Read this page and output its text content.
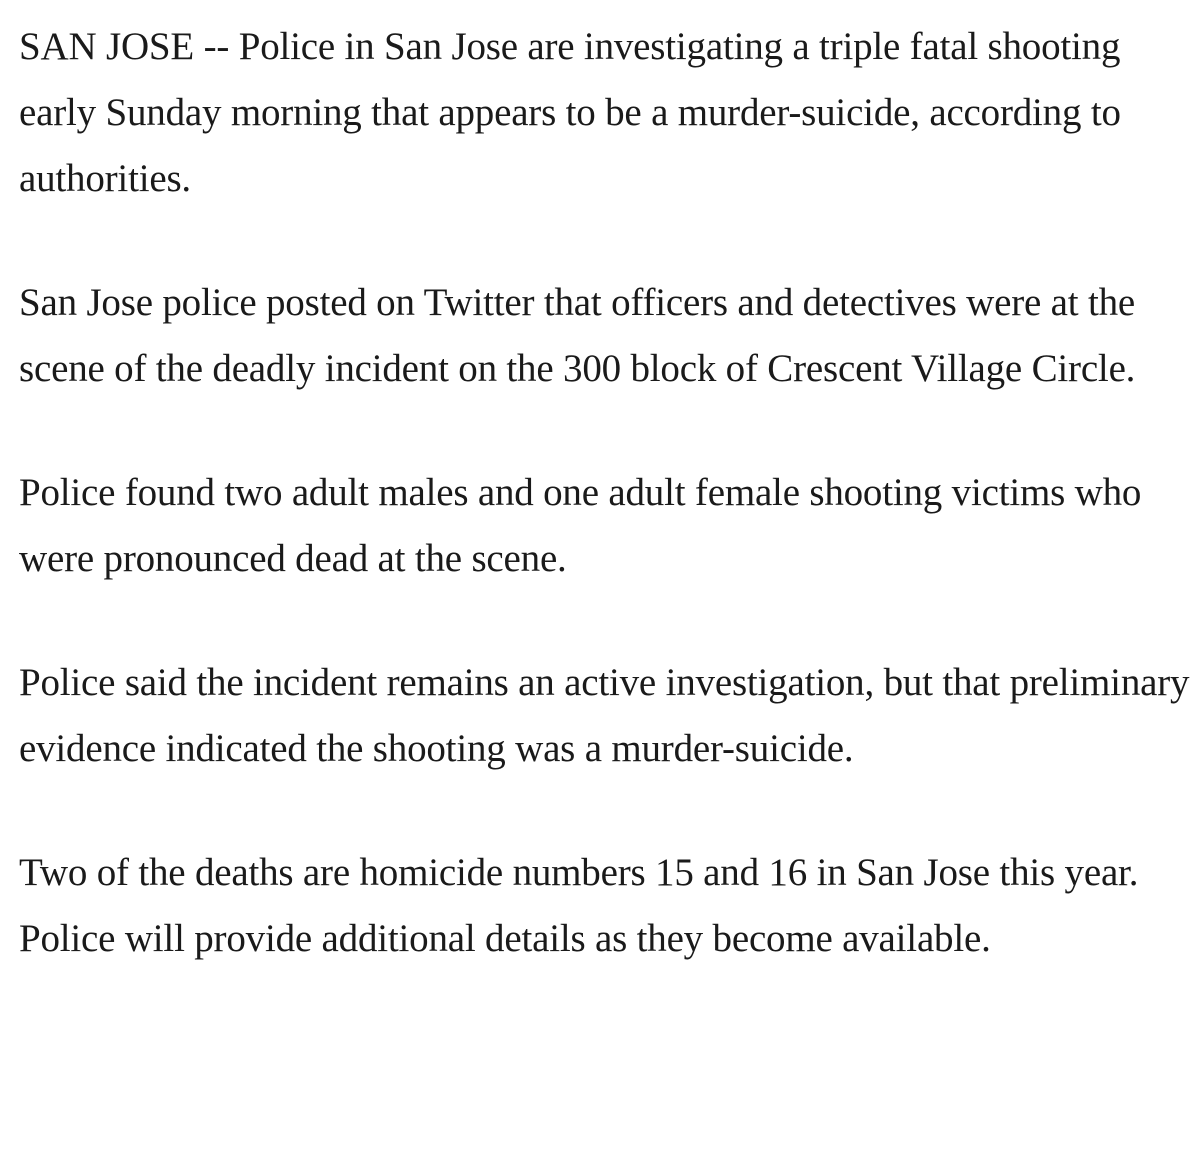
SAN JOSE -- Police in San Jose are investigating a triple fatal shooting early Sunday morning that appears to be a murder-suicide, according to authorities.

San Jose police posted on Twitter that officers and detectives were at the scene of the deadly incident on the 300 block of Crescent Village Circle.

Police found two adult males and one adult female shooting victims who were pronounced dead at the scene.

Police said the incident remains an active investigation, but that preliminary evidence indicated the shooting was a murder-suicide.

Two of the deaths are homicide numbers 15 and 16 in San Jose this year. Police will provide additional details as they become available.
